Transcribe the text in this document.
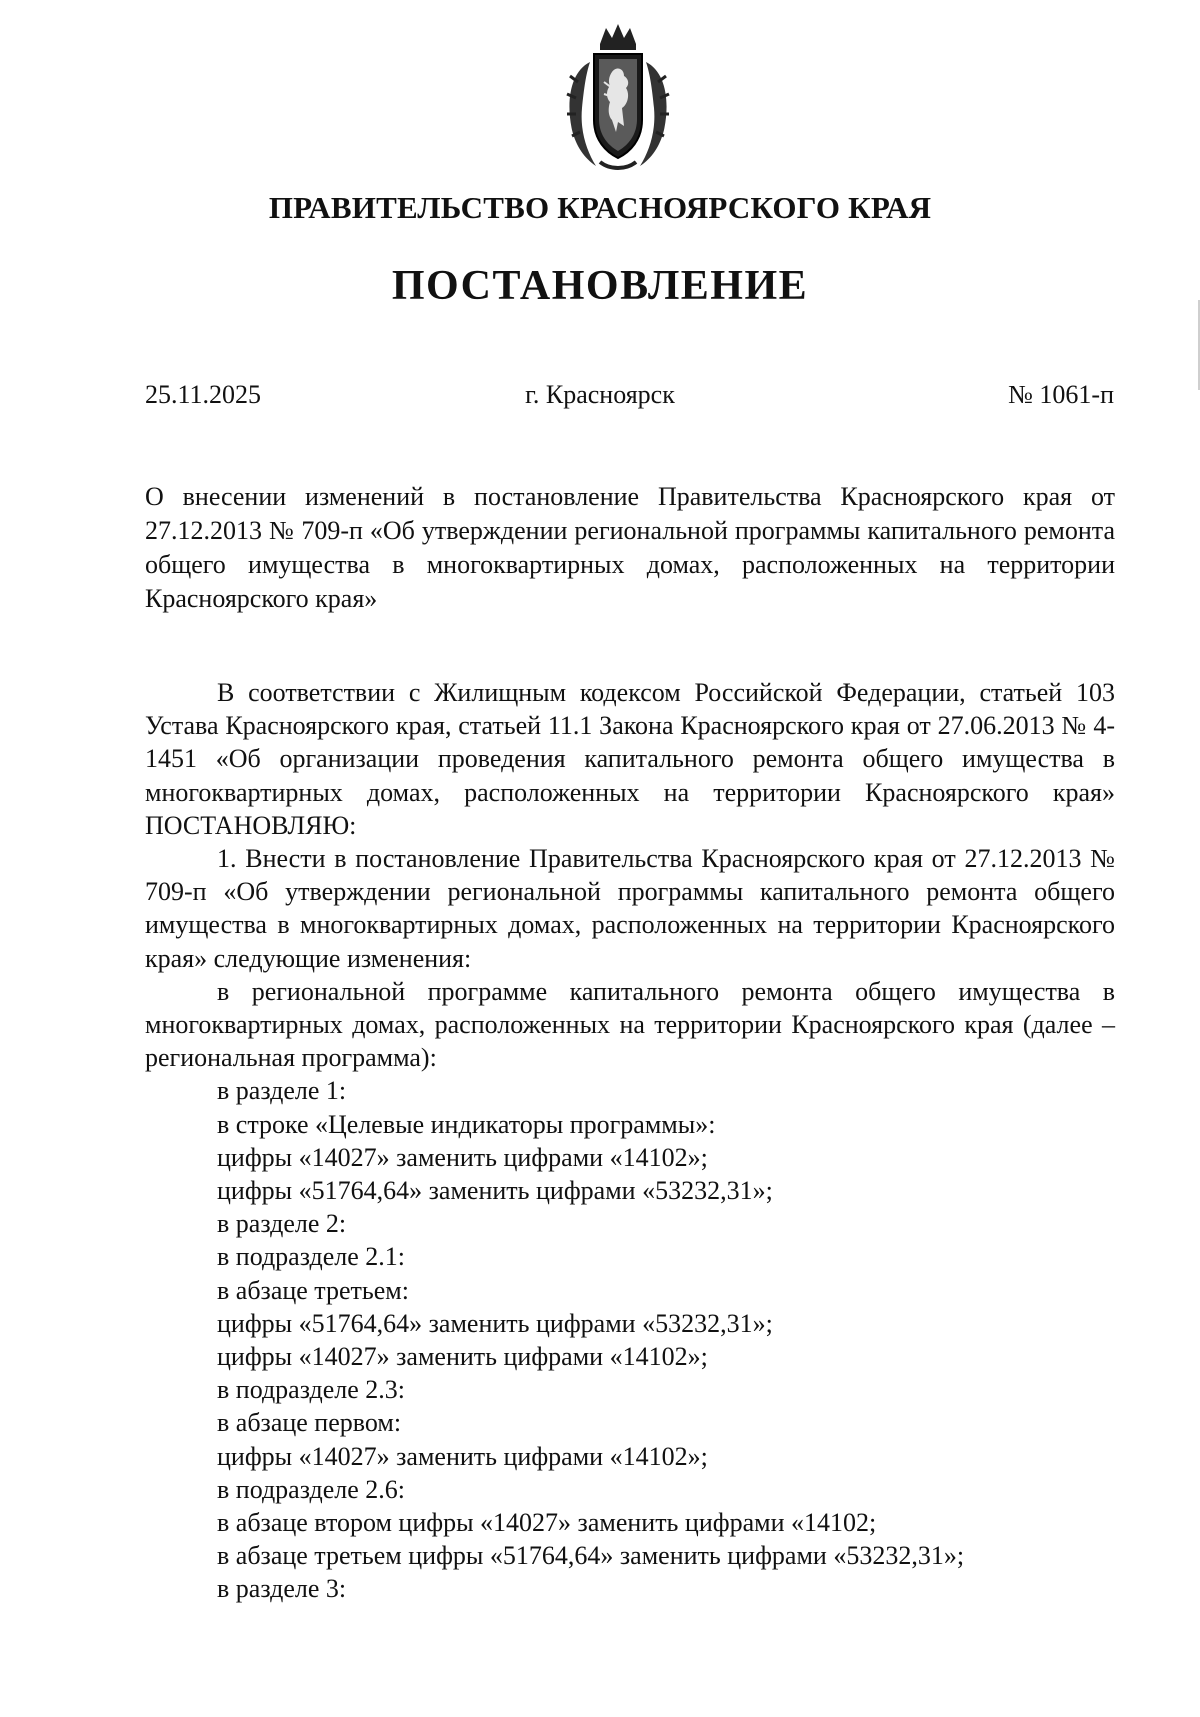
ПРАВИТЕЛЬСТВО КРАСНОЯРСКОГО КРАЯ
ПОСТАНОВЛЕНИЕ
г. Красноярск
25.11.2025	№ 1061-п
О внесении изменений в постановление Правительства Красноярского края от 27.12.2013 № 709-п «Об утверждении региональной программы капитального ремонта общего имущества в многоквартирных домах, расположенных на территории Красноярского края»

В соответствии с Жилищным кодексом Российской Федерации, статьей 103 Устава Красноярского края, статьей 11.1 Закона Красноярского края от 27.06.2013 № 4-1451 «Об организации проведения капитального ремонта общего имущества в многоквартирных домах, расположенных на территории Красноярского края» ПОСТАНОВЛЯЮ:

1. Внести в постановление Правительства Красноярского края от 27.12.2013 № 709-п «Об утверждении региональной программы капитального ремонта общего имущества в многоквартирных домах, расположенных на территории Красноярского края» следующие изменения:

в региональной программе капитального ремонта общего имущества в многоквартирных домах, расположенных на территории Красноярского края (далее – региональная программа):

в разделе 1:

в строке «Целевые индикаторы программы»:

цифры «14027» заменить цифрами «14102»;

цифры «51764,64» заменить цифрами «53232,31»;

в разделе 2:

в подразделе 2.1:

в абзаце третьем:

цифры «51764,64» заменить цифрами «53232,31»;

цифры «14027» заменить цифрами «14102»;

в подразделе 2.3:

в абзаце первом:

цифры «14027» заменить цифрами «14102»;

в подразделе 2.6:

в абзаце втором цифры «14027» заменить цифрами «14102;

в абзаце третьем цифры «51764,64» заменить цифрами «53232,31»;

в разделе 3:
